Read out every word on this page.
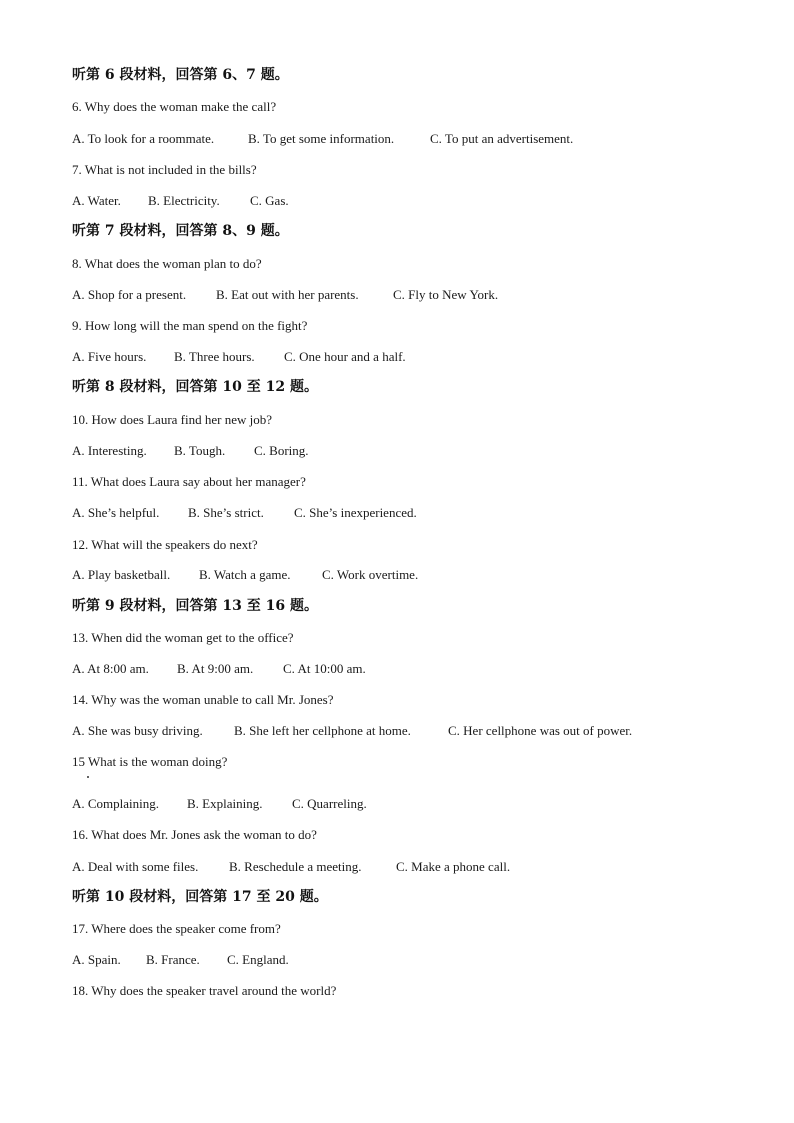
听第 6 段材料，回答第 6、7 题。
6. Why does the woman make the call?
A. To look for a roommate.	B. To get some information.	C. To put an advertisement.
7. What is not included in the bills?
A. Water. B. Electricity. C. Gas.
听第 7 段材料，回答第 8、9 题。
8. What does the woman plan to do?
A. Shop for a present. B. Eat out with her parents.	C. Fly to New York.
9. How long will the man spend on the fight?
A. Five hours. B. Three hours. C. One hour and a half.
听第 8 段材料，回答第 10 至 12 题。
10. How does Laura find her new job?
A. Interesting. B. Tough. C. Boring.
11. What does Laura say about her manager?
A. She’s helpful. B. She’s strict. C. She’s inexperienced.
12. What will the speakers do next?
A. Play basketball. B. Watch a game. C. Work overtime.
听第 9 段材料，回答第 13 至 16 题。
13. When did the woman get to the office?
A. At 8:00 am. B. At 9:00 am. C. At 10:00 am.
14. Why was the woman unable to call Mr. Jones?
A. She was busy driving. B. She left her cellphone at home.	C. Her cellphone was out of power.
15 What is the woman doing?
A. Complaining. B. Explaining. C. Quarreling.
16. What does Mr. Jones ask the woman to do?
A. Deal with some files. B. Reschedule a meeting.	C. Make a phone call.
听第 10 段材料，回答第 17 至 20 题。
17. Where does the speaker come from?
A. Spain. B. France. C. England.
18. Why does the speaker travel around the world?
